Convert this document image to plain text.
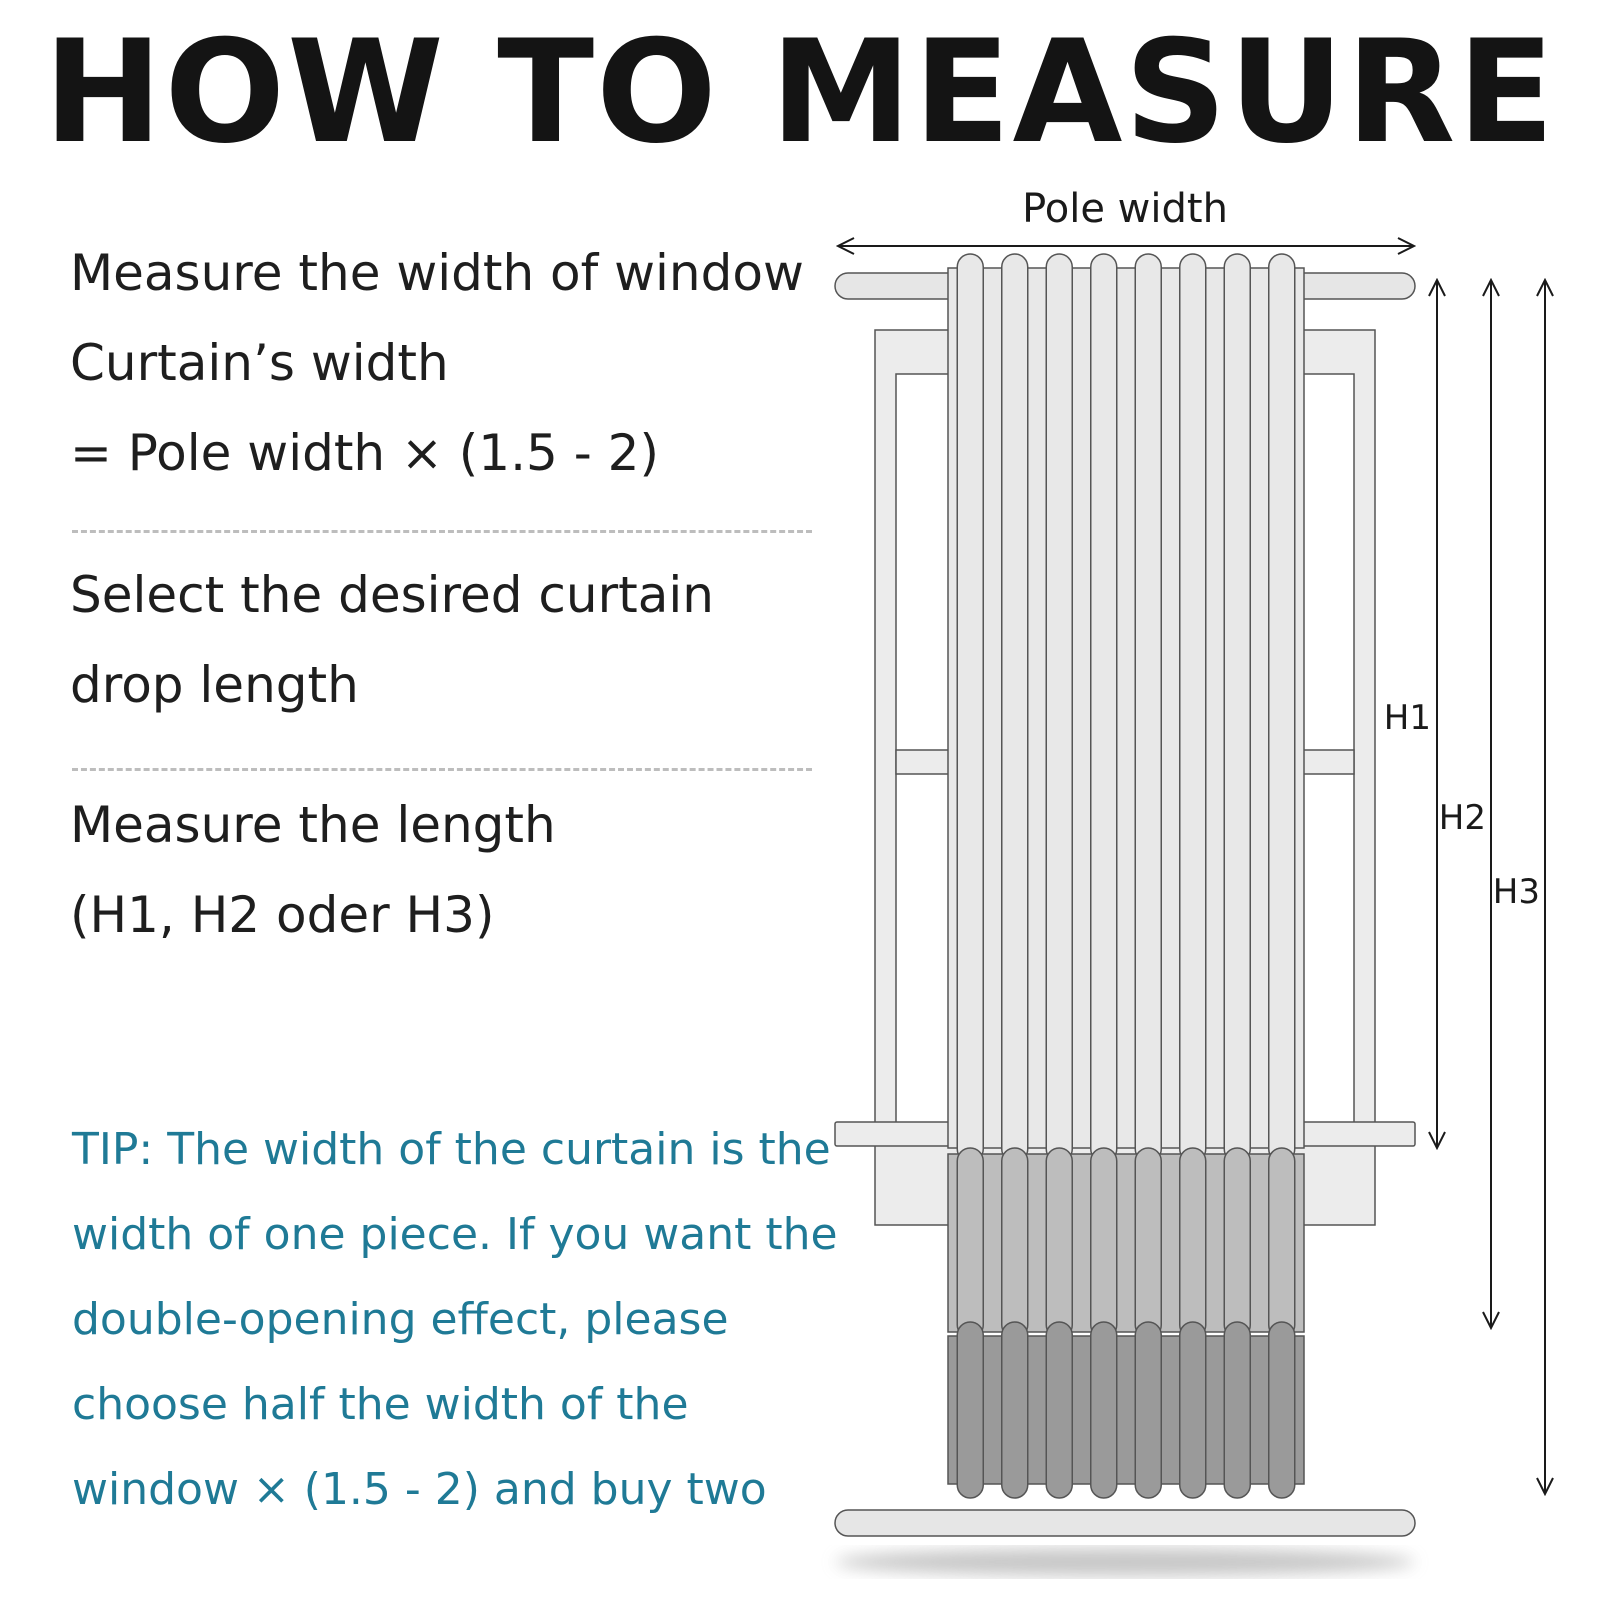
HOW TO MEASURE
Measure the width of window
Curtain’s width
= Pole width × (1.5 - 2)
Select the desired curtain
drop length
Measure the length
(H1, H2 oder H3)
TIP: The width of the curtain is the
width of one piece. If you want the
double-opening effect, please
choose half the width of the
window × (1.5 - 2) and buy two
Pole width
H1
H2
H3
